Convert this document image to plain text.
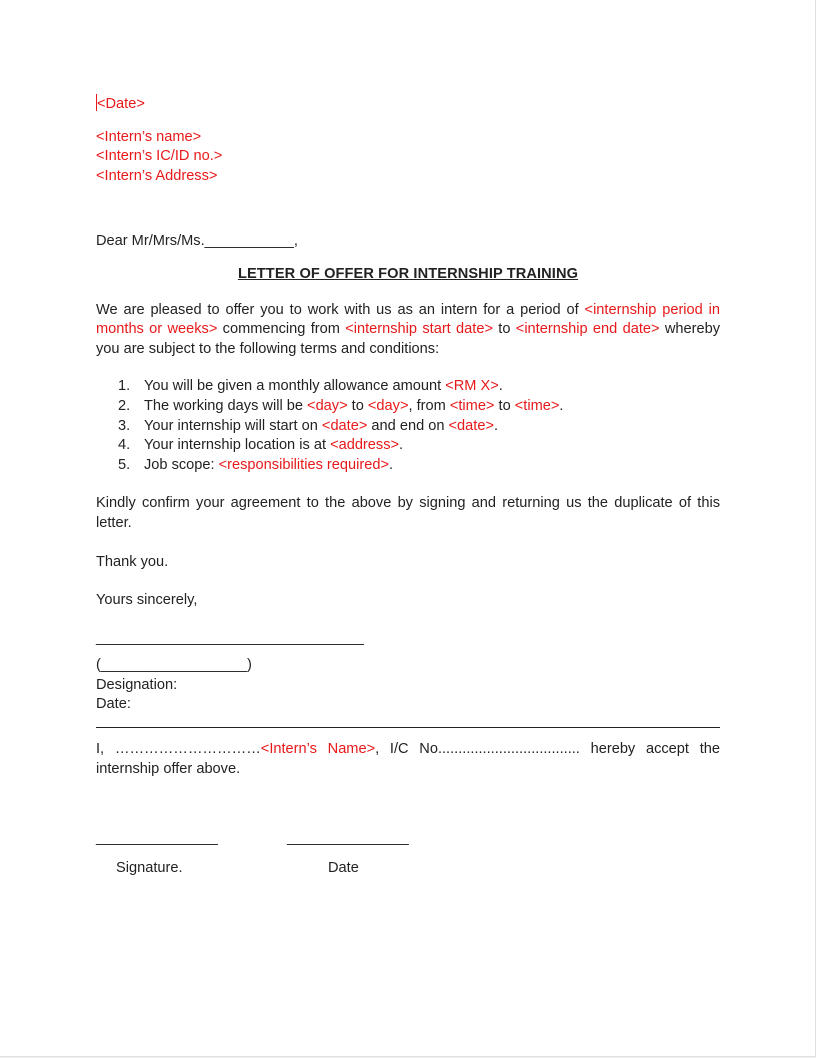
<Date>

<Intern’s name>

<Intern’s IC/ID no.>

<Intern’s Address>

Dear Mr/Mrs/Ms.___________,

LETTER OF OFFER FOR INTERNSHIP TRAINING

We are pleased to offer you to work with us as an intern for a period of <internship period in months or weeks> commencing from <internship start date> to <internship end date> whereby you are subject to the following terms and conditions:

1. You will be given a monthly allowance amount <RM X>.
2. The working days will be <day> to <day>, from <time> to <time>.
3. Your internship will start on <date> and end on <date>.
4. Your internship location is at <address>.
5. Job scope: <responsibilities required>.

Kindly confirm your agreement to the above by signing and returning us the duplicate of this letter.

Thank you.

Yours sincerely,

_________________________________

(__________________)

Designation:

Date:

I, …………………………<Intern’s Name>, I/C No................................... hereby accept the internship offer above.

_______________	_______________
Signature.	Date
